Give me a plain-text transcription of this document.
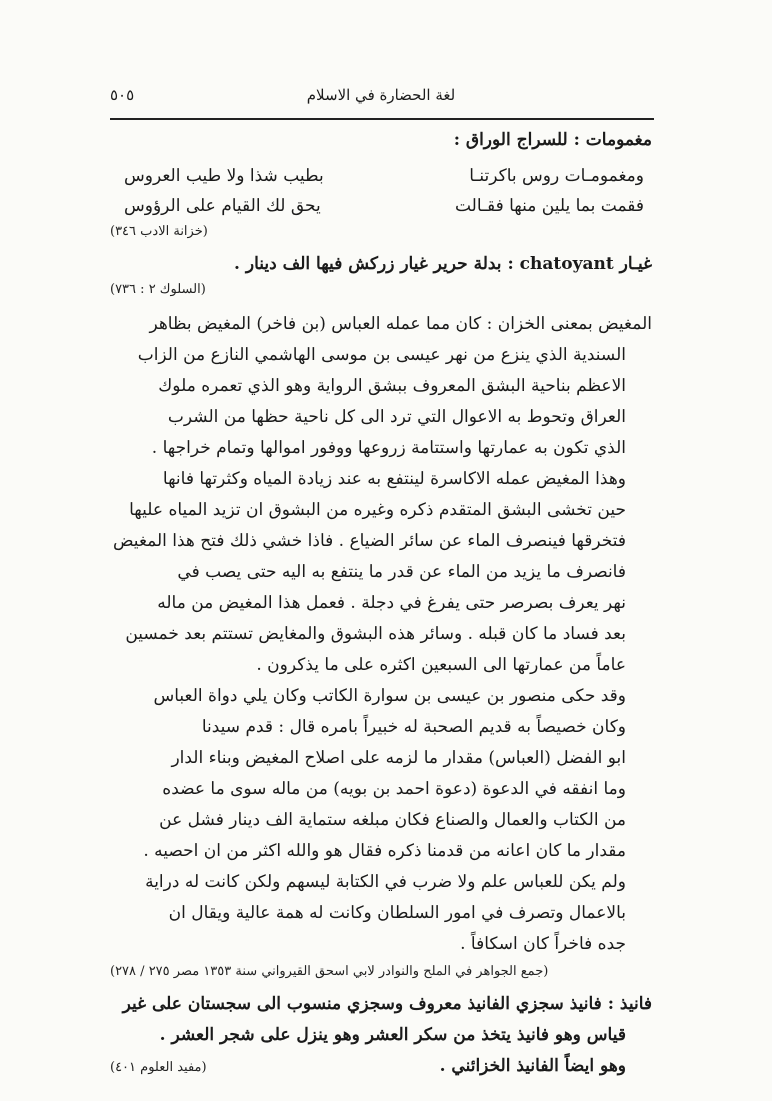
لغة الحضارة في الاسلام
٥٠٥
مغمومات : للسراج الوراق :
ومغمومـات روس باكرتنـا
بطيب شذا ولا طيب العروس
فقمت بما يلين منها فقـالت
يحق لك القيام على الرؤوس
(خزانة الادب ٣٤٦)
غيـار chatoyant : بدلة حرير غيار زركش فيها الف دينار .
(السلوك ٢ : ٧٣٦)
المغيض بمعنى الخزان : كان مما عمله العباس (بن فاخر) المغيض بظاهر
السندية الذي ينزع من نهر عيسى بن موسى الهاشمي النازع من الزاب
الاعظم بناحية البشق المعروف ببشق الرواية وهو الذي تعمره ملوك
العراق وتحوط به الاعوال التي ترد الى كل ناحية حظها من الشرب
الذي تكون به عمارتها واستتامة زروعها ووفور اموالها وتمام خراجها .
وهذا المغيض عمله الاكاسرة لينتفع به عند زيادة المياه وكثرتها فانها
حين تخشى البشق المتقدم ذكره وغيره من البشوق ان تزيد المياه عليها
فتخرقها فينصرف الماء عن سائر الضياع . فاذا خشي ذلك فتح هذا المغيض
فانصرف ما يزيد من الماء عن قدر ما ينتفع به اليه حتى يصب في
نهر يعرف بصرصر حتى يفرغ في دجلة . فعمل هذا المغيض من ماله
بعد فساد ما كان قبله . وسائر هذه البشوق والمغايض تستتم بعد خمسين
عاماً من عمارتها الى السبعين اكثره على ما يذكرون .
وقد حكى منصور بن عيسى بن سوارة الكاتب وكان يلي دواة العباس
وكان خصيصاً به قديم الصحبة له خبيراً بامره قال : قدم سيدنا
ابو الفضل (العباس) مقدار ما لزمه على اصلاح المغيض وبناء الدار
وما انفقه في الدعوة (دعوة احمد بن بويه) من ماله سوى ما عضده
من الكتاب والعمال والصناع فكان مبلغه ستماية الف دينار فشل عن
مقدار ما كان اعانه من قدمنا ذكره فقال هو والله اكثر من ان احصيه .
ولم يكن للعباس علم ولا ضرب في الكتابة ليسهم ولكن كانت له دراية
بالاعمال وتصرف في امور السلطان وكانت له همة عالية ويقال ان
جده فاخراً كان اسكافاً .
(جمع الجواهر في الملح والنوادر لابي اسحق القيرواني سنة ١٣٥٣ مصر ٢٧٥ / ٢٧٨)
فانيذ : فانيذ سجزي الفانيذ معروف وسجزي منسوب الى سجستان على غير
قياس وهو فانيذ يتخذ من سكر العشر وهو ينزل على شجر العشر .
وهو ايضاً الفانيذ الخزائني .
(مفيد العلوم ٤٠١)
